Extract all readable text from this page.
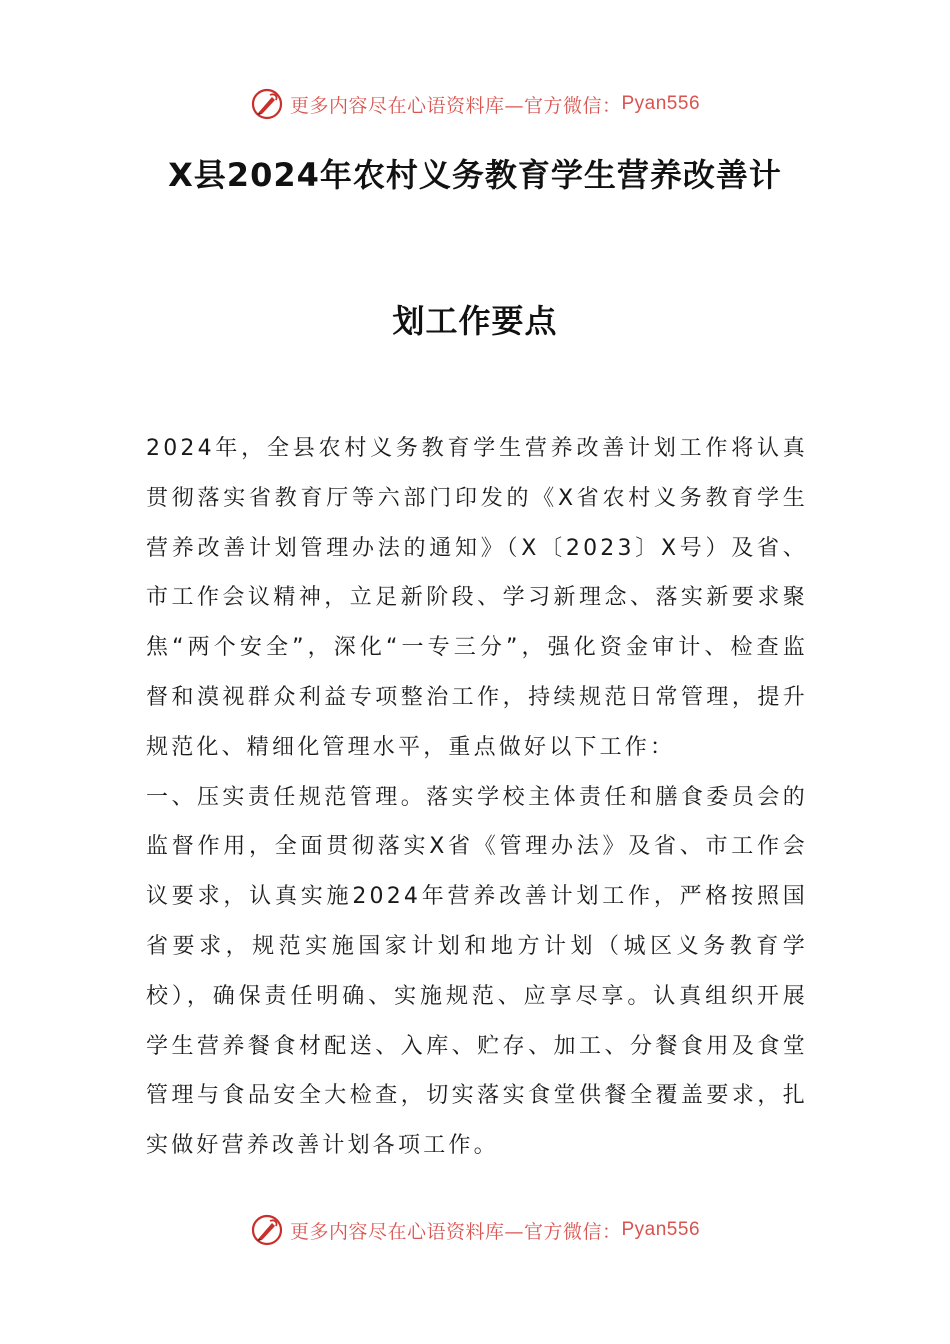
更多内容尽在心语资料库—官方微信： Pyan556
X县2024年农村义务教育学生营养改善计
划工作要点

2024年，全县农村义务教育学生营养改善计划工作将认真贯彻落实省教育厅等六部门印发的《X省农村义务教育学生营养改善计划管理办法的通知》（X〔2023〕X号）及省、市工作会议精神，立足新阶段、学习新理念、落实新要求聚焦“两个安全”，深化“一专三分”，强化资金审计、检查监督和漠视群众利益专项整治工作，持续规范日常管理，提升规范化、精细化管理水平，重点做好以下工作：

一、压实责任规范管理。落实学校主体责任和膳食委员会的监督作用，全面贯彻落实X省《管理办法》及省、市工作会议要求，认真实施2024年营养改善计划工作，严格按照国省要求，规范实施国家计划和地方计划（城区义务教育学校），确保责任明确、实施规范、应享尽享。认真组织开展学生营养餐食材配送、入库、贮存、加工、分餐食用及食堂管理与食品安全大检查，切实落实食堂供餐全覆盖要求，扎实做好营养改善计划各项工作。

更多内容尽在心语资料库—官方微信： Pyan556
